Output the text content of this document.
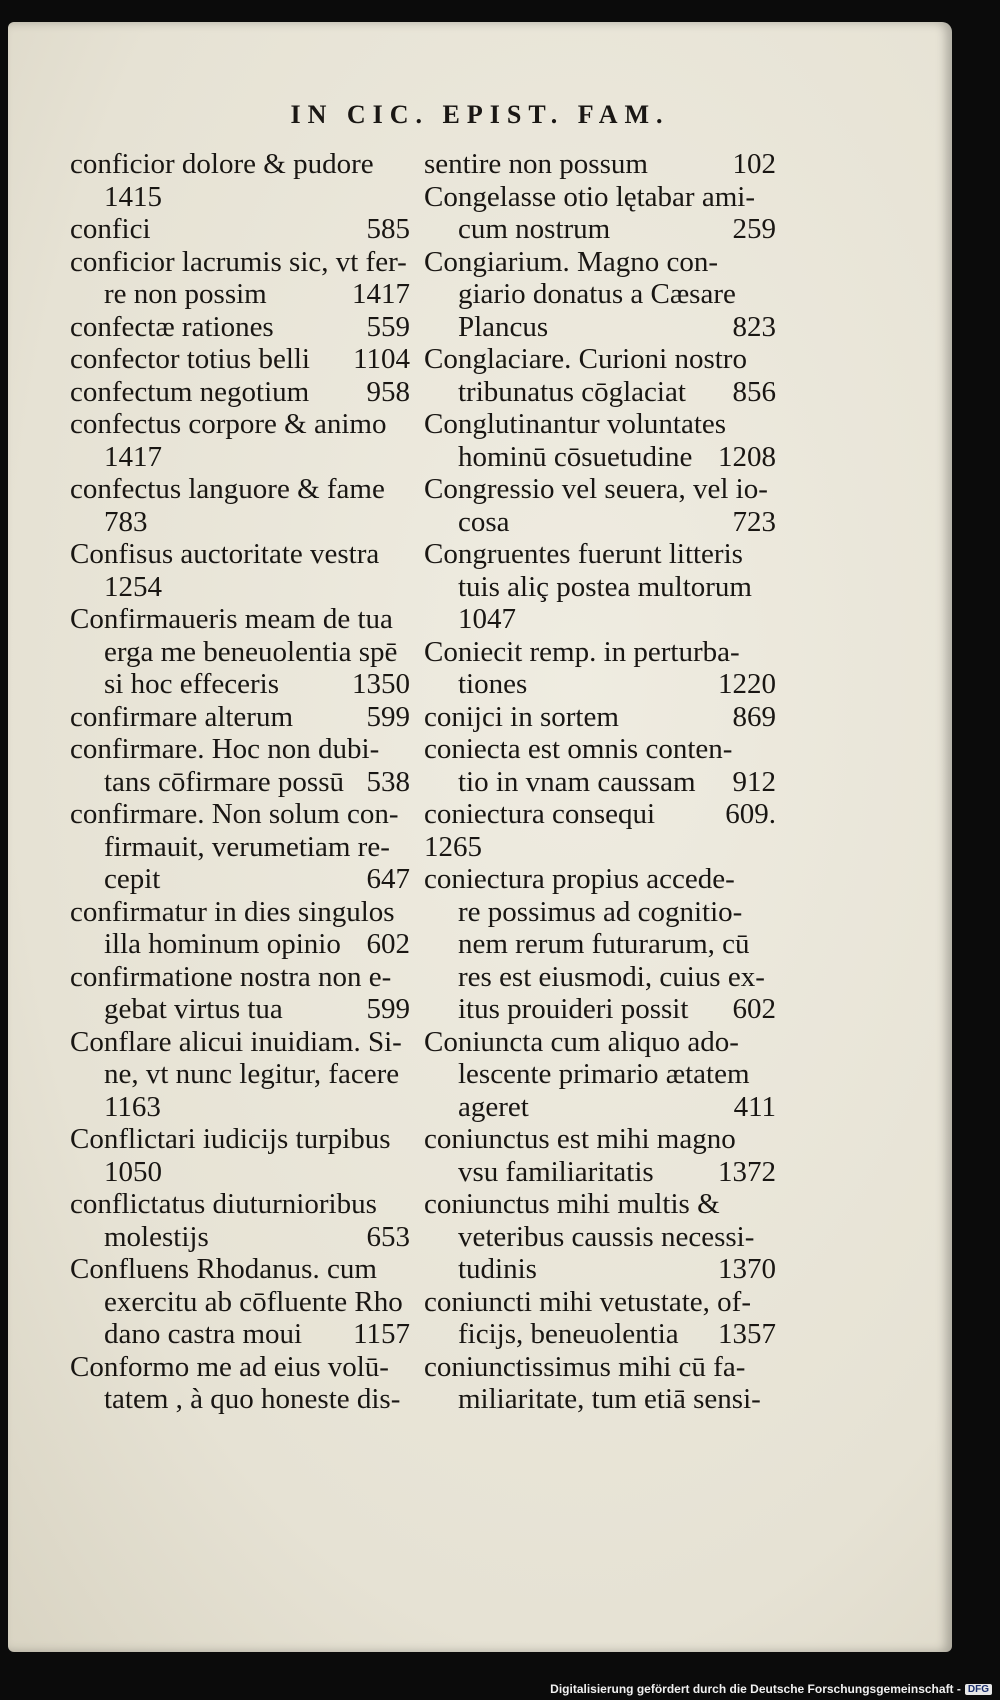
IN CIC. EPIST. FAM.
conficior dolore & pudore
1415
confici	585
conficior lacrumis sic, vt fer-
re non possim	1417
confectæ rationes	559
confector totius belli 1104
confectum negotium 958
confectus corpore & animo
1417
confectus languore & fame
783
Confisus auctoritate vestra
1254
Confirmaueris meam de tua
erga me beneuolentia spē
si hoc effeceris	1350
confirmare alterum	599
confirmare. Hoc non dubi-
tans cōfirmare possū 538
confirmare. Non solum con-
firmauit, verumetiam re-
cepit	647
confirmatur in dies singulos
illa hominum opinio 602
confirmatione nostra non e-
gebat virtus tua	599
Conflare alicui inuidiam. Si-
ne, vt nunc legitur, facere
1163
Conflictari iudicijs turpibus
1050
conflictatus diuturnioribus
molestijs	653
Confluens Rhodanus. cum
exercitu ab cōfluente Rho
dano castra moui 1157
Conformo me ad eius volū-
tatem , à quo honeste dis-
sentire non possum	102
Congelasse otio lętabar ami-
cum nostrum	259
Congiarium. Magno con-
giario donatus a Cæsare
Plancus	823
Conglaciare. Curioni nostro
tribunatus cōglaciat 856
Conglutinantur voluntates
hominū cōsuetudine 1208
Congressio vel seuera, vel io-
cosa	723
Congruentes fuerunt litteris
tuis aliç postea multorum
1047
Coniecit remp. in perturba-
tiones	1220
conijci in sortem	869
coniecta est omnis conten-
tio in vnam caussam 912
coniectura consequi 609.
1265
coniectura propius accede-
re possimus ad cognitio-
nem rerum futurarum, cū
res est eiusmodi, cuius ex-
itus prouideri possit 602
Coniuncta cum aliquo ado-
lescente primario ætatem
ageret	411
coniunctus est mihi magno
vsu familiaritatis 1372
coniunctus mihi multis &
veteribus caussis necessi-
tudinis	1370
coniuncti mihi vetustate, of-
ficijs, beneuolentia 1357
coniunctissimus mihi cū fa-
miliaritate, tum etiā sensi-
Digitalisierung gefördert durch die Deutsche Forschungsgemeinschaft - DFG
